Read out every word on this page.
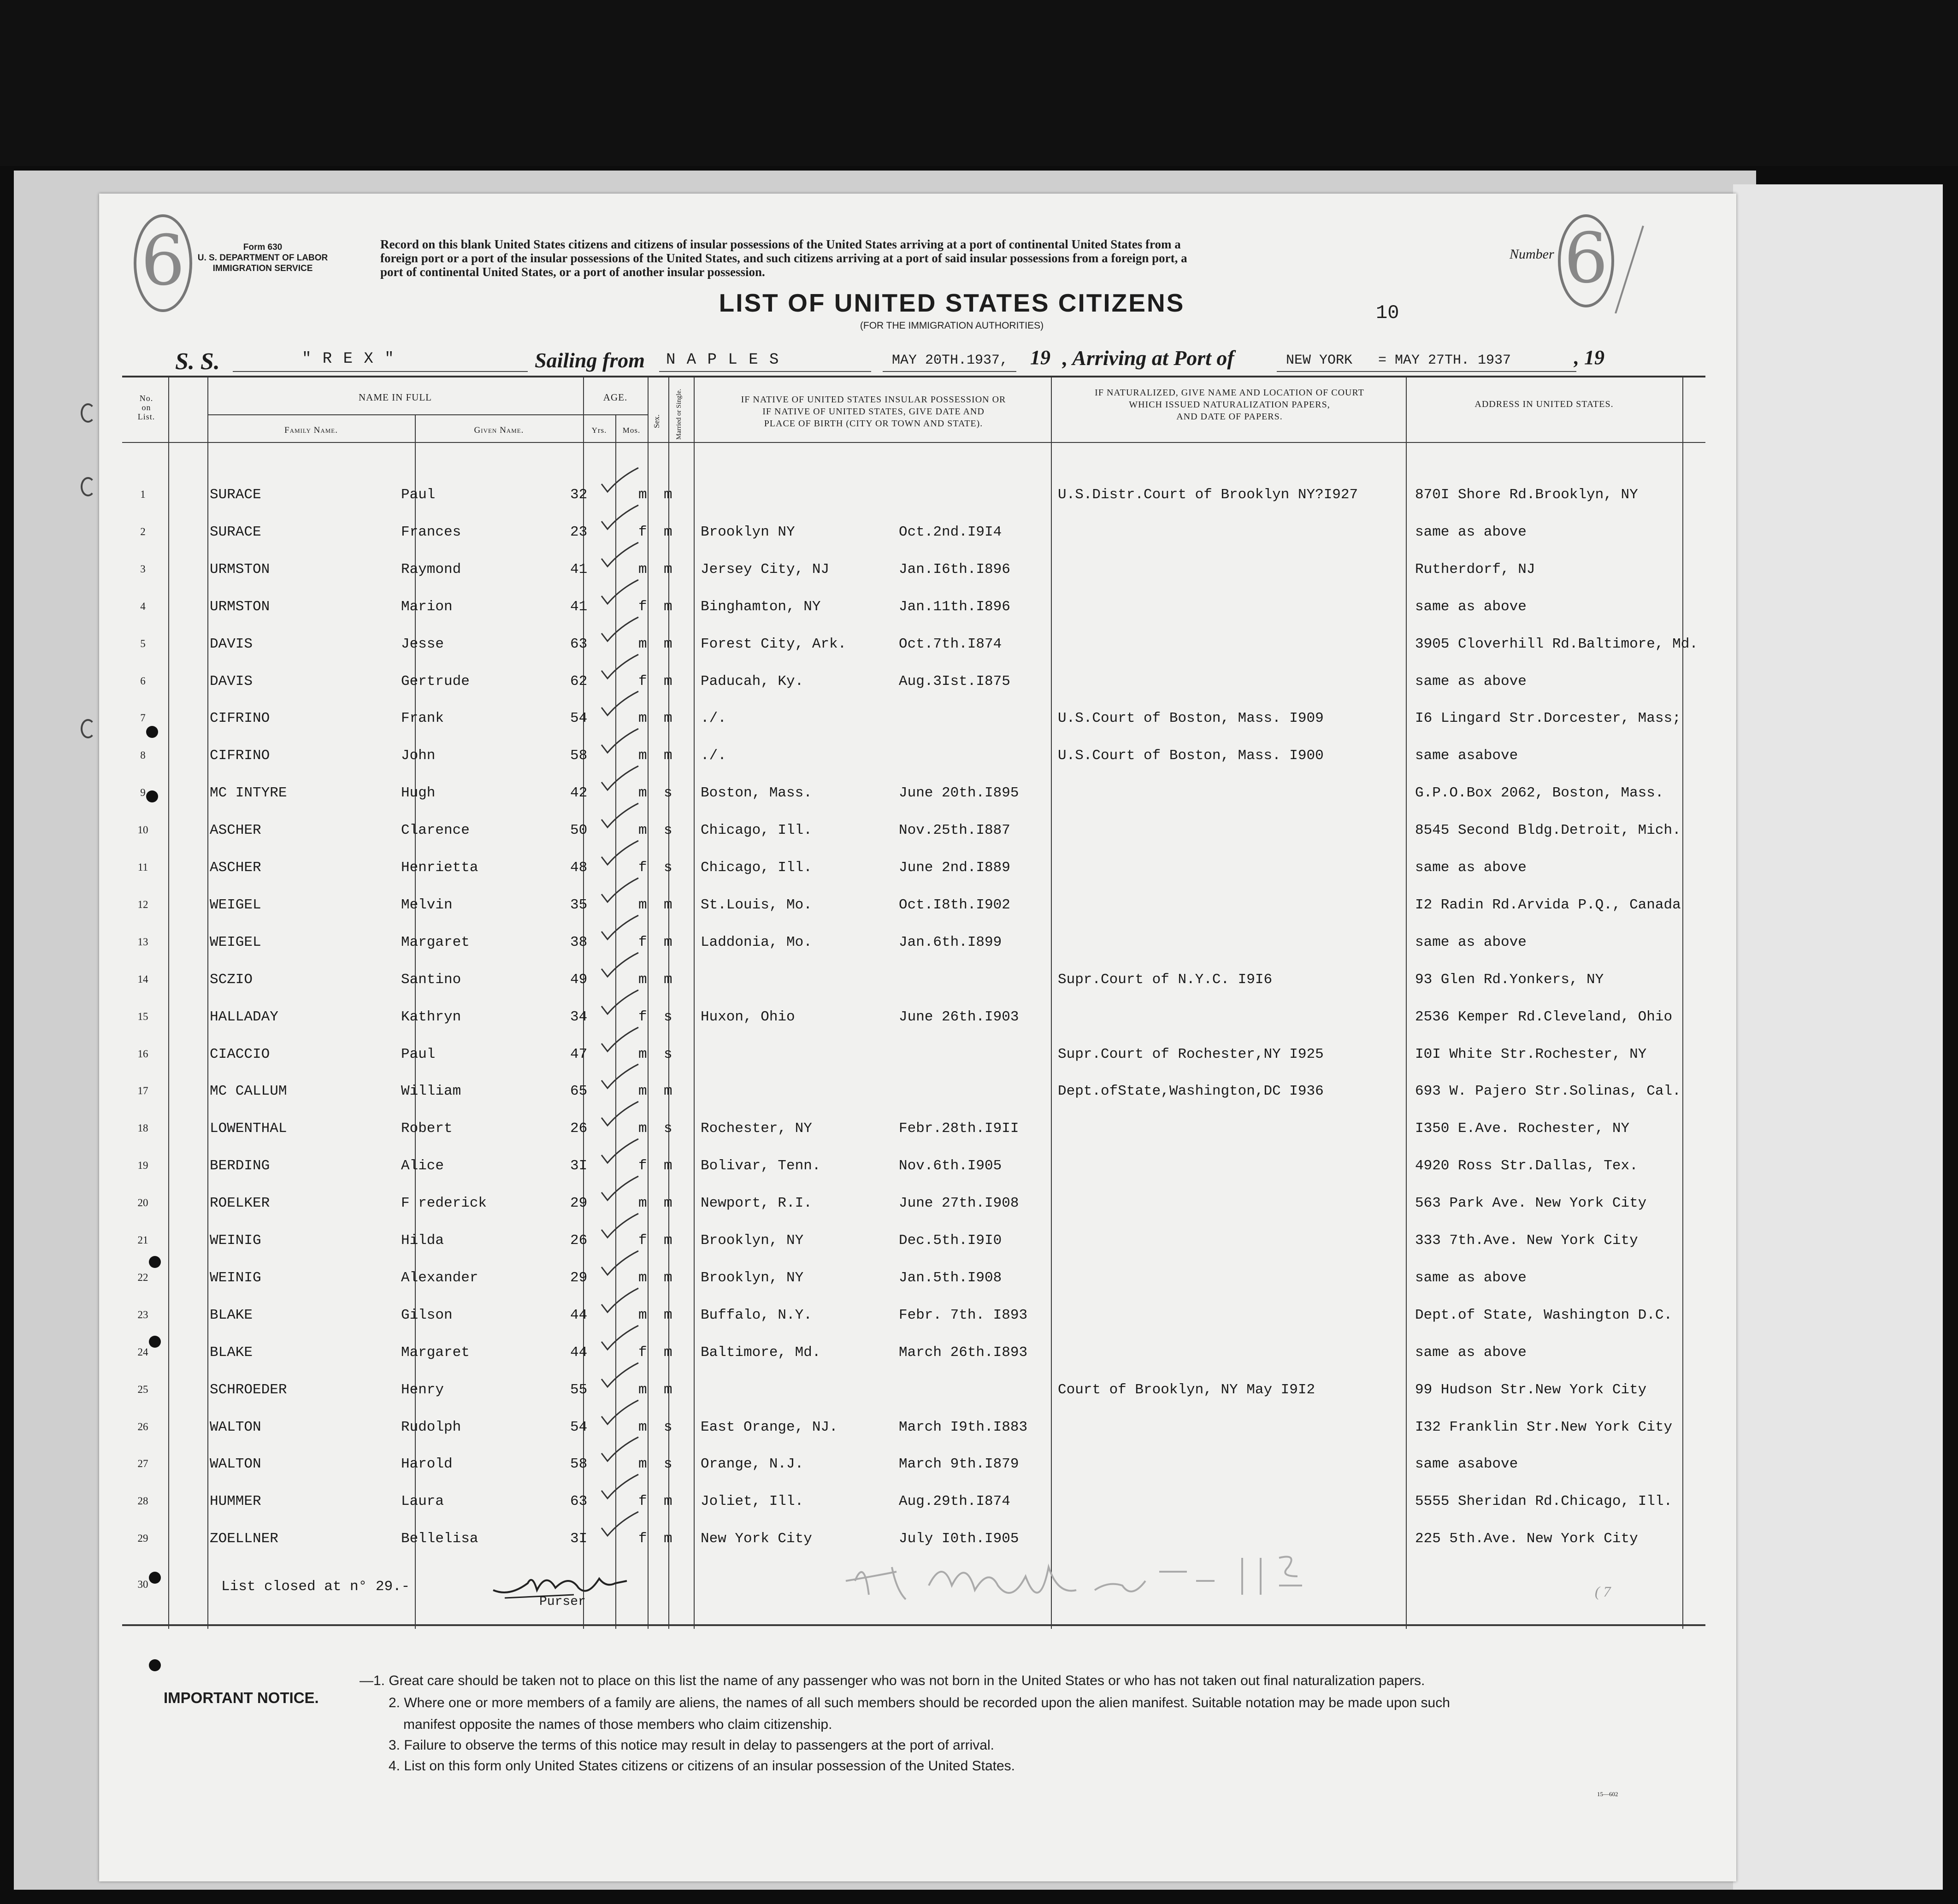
6	Form 630
U. S. DEPARTMENT OF LABOR
IMMIGRATION SERVICE
Record on this blank United States citizens and citizens of insular possessions of the United States arriving at a port of continental United States from a
foreign port or a port of the insular possessions of the United States, and such citizens arriving at a port of said insular possessions from a foreign port, a
port of continental United States, or a port of another insular possession.
LIST OF UNITED STATES CITIZENS
(FOR THE IMMIGRATION AUTHORITIES)
Number 6
10
S. S.	" R E X "	Sailing from N A P L E S	MAY 20TH.1937, 19 , Arriving at Port of	NEW YORK = MAY 27TH. 1937	, 19
No.
on
List.
NAME IN FULL
Family Name.	Given Name.
AGE.
Yrs.	Mos.
Sex. Married or Single.	IF NATIVE OF UNITED STATES INSULAR POSSESSION OR
IF NATIVE OF UNITED STATES, GIVE DATE AND
PLACE OF BIRTH (CITY OR TOWN AND STATE).
IF NATURALIZED, GIVE NAME AND LOCATION OF COURT
WHICH ISSUED NATURALIZATION PAPERS,
AND DATE OF PAPERS.
ADDRESS IN UNITED STATES.
1	SURACE	Paul	32	m m	U.S.Distr.Court of Brooklyn NY?I927	870I Shore Rd.Brooklyn, NY
2	SURACE	Frances	23	f m Brooklyn NY	Oct.2nd.I9I4	same as above
3	URMSTON	Raymond	41	m m Jersey City, NJ	Jan.I6th.I896	Rutherdorf, NJ
4	URMSTON	Marion	41	f m Binghamton, NY	Jan.11th.I896	same as above
5	DAVIS	Jesse	63	m m Forest City, Ark.	Oct.7th.I874	3905 Cloverhill Rd.Baltimore, Md.
6	DAVIS	Gertrude	62	f m Paducah, Ky.	Aug.3Ist.I875	same as above
7	CIFRINO	Frank	54	m m ./.	U.S.Court of Boston, Mass. I909	I6 Lingard Str.Dorcester, Mass;
8	CIFRINO	John	58	m m ./.	U.S.Court of Boston, Mass. I900	same asabove
9	MC INTYRE	Hugh	42	m s Boston, Mass.	June 20th.I895	G.P.O.Box 2062, Boston, Mass.
10	ASCHER	Clarence	50	m s Chicago, Ill.	Nov.25th.I887	8545 Second Bldg.Detroit, Mich.
11	ASCHER	Henrietta	48	f s Chicago, Ill.	June 2nd.I889	same as above
12	WEIGEL	Melvin	35	m m St.Louis, Mo.	Oct.I8th.I902	I2 Radin Rd.Arvida P.Q., Canada
13	WEIGEL	Margaret	38	f m Laddonia, Mo.	Jan.6th.I899	same as above
14	SCZIO	Santino	49	m m	Supr.Court of N.Y.C. I9I6	93 Glen Rd.Yonkers, NY
15	HALLADAY	Kathryn	34	f s Huxon, Ohio	June 26th.I903	2536 Kemper Rd.Cleveland, Ohio
16	CIACCIO	Paul	47	m s	Supr.Court of Rochester,NY I925	I0I White Str.Rochester, NY
17	MC CALLUM	William	65	m m	Dept.ofState,Washington,DC I936	693 W. Pajero Str.Solinas, Cal.
18	LOWENTHAL	Robert	26	m s Rochester, NY	Febr.28th.I9II	I350 E.Ave. Rochester, NY
19	BERDING	Alice	3I	f m Bolivar, Tenn.	Nov.6th.I905	4920 Ross Str.Dallas, Tex.
20	ROELKER	F rederick	29	m m Newport, R.I.	June 27th.I908	563 Park Ave. New York City
21	WEINIG	Hilda	26	f m Brooklyn, NY	Dec.5th.I9I0	333 7th.Ave. New York City
22	WEINIG	Alexander	29	m m Brooklyn, NY	Jan.5th.I908	same as above
23	BLAKE	Gilson	44	m m Buffalo, N.Y.	Febr. 7th. I893	Dept.of State, Washington D.C.
24	BLAKE	Margaret	44	f m Baltimore, Md.	March 26th.I893	same as above
25	SCHROEDER	Henry	55	m m	Court of Brooklyn, NY May I9I2	99 Hudson Str.New York City
26	WALTON	Rudolph	54	m s East Orange, NJ.	March I9th.I883	I32 Franklin Str.New York City
27	WALTON	Harold	58	m s Orange, N.J.	March 9th.I879	same asabove
28	HUMMER	Laura	63	f m Joliet, Ill.	Aug.29th.I874	5555 Sheridan Rd.Chicago, Ill.
29	ZOELLNER	Bellelisa	3I	f m New York City	July I0th.I905	225 5th.Ave. New York City
30	List closed at n° 29.-
Purser
( 7
IMPORTANT NOTICE.
—1. Great care should be taken not to place on this list the name of any passenger who was not born in the United States or who has not taken out final naturalization papers.
2. Where one or more members of a family are aliens, the names of all such members should be recorded upon the alien manifest. Suitable notation may be made upon such
manifest opposite the names of those members who claim citizenship.
3. Failure to observe the terms of this notice may result in delay to passengers at the port of arrival.
4. List on this form only United States citizens or citizens of an insular possession of the United States.
15—602
